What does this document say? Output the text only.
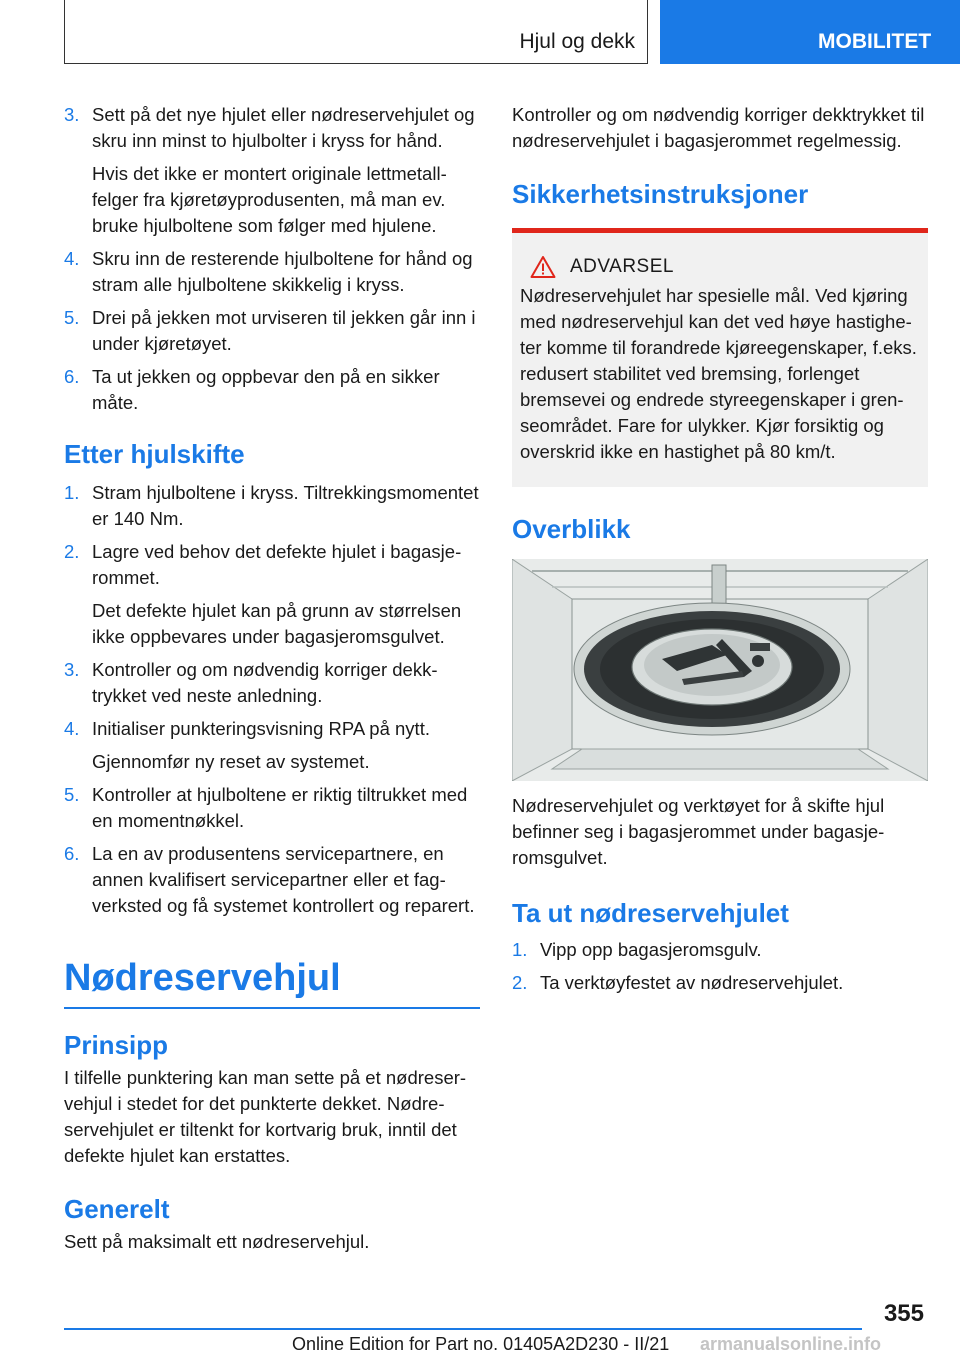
Hjul og dekk	MOBILITET
3. Sett på det nye hjulet eller nødreservehjulet og skru inn minst to hjulbolter i kryss for hånd.

Hvis det ikke er montert originale lettmetallfelger fra kjøretøyprodusenten, må man ev. bruke hjulboltene som følger med hjulene.

4. Skru inn de resterende hjulboltene for hånd og stram alle hjulboltene skikkelig i kryss.

5. Drei på jekken mot urviseren til jekken går inn i under kjøretøyet.

6. Ta ut jekken og oppbevar den på en sikker måte.

Etter hjulskifte
1. Stram hjulboltene i kryss. Tiltrekkingsmomentet er 140 Nm.

2. Lagre ved behov det defekte hjulet i bagasjerommet.

Det defekte hjulet kan på grunn av størrelsen ikke oppbevares under bagasjeromsgulvet.

3. Kontroller og om nødvendig korriger dekktrykket ved neste anledning.

4. Initialiser punkteringsvisning RPA på nytt.

Gjennomfør ny reset av systemet.

5. Kontroller at hjulboltene er riktig tiltrukket med en momentnøkkel.

6. La en av produsentens servicepartnere, en annen kvalifisert servicepartner eller et fagverksted og få systemet kontrollert og reparert.

Nødreservehjul
Prinsipp

I tilfelle punktering kan man sette på et nødreservehjul i stedet for det punkterte dekket. Nødreservehjulet er tiltenkt for kortvarig bruk, inntil det defekte hjulet kan erstattes.

Generelt

Sett på maksimalt ett nødreservehjul.

Kontroller og om nødvendig korriger dekktrykket til nødreservehjulet i bagasjerommet regelmessig.

Sikkerhetsinstruksjoner
ADVARSEL

Nødreservehjulet har spesielle mål. Ved kjøring med nødreservehjul kan det ved høye hastigheter komme til forandrede kjøreegenskaper, f.eks. redusert stabilitet ved bremsing, forlenget bremsevei og endrede styreegenskaper i grenseområdet. Fare for ulykker. Kjør forsiktig og overskrid ikke en hastighet på 80 km/t.

Overblikk

Nødreservehjulet og verktøyet for å skifte hjul befinner seg i bagasjerommet under bagasjeromsgulvet.

Ta ut nødreservehjulet
1. Vipp opp bagasjeromsgulv.

2. Ta verktøyfestet av nødreservehjulet.

355
Online Edition for Part no. 01405A2D230 - II/21 armanualsonline.info
